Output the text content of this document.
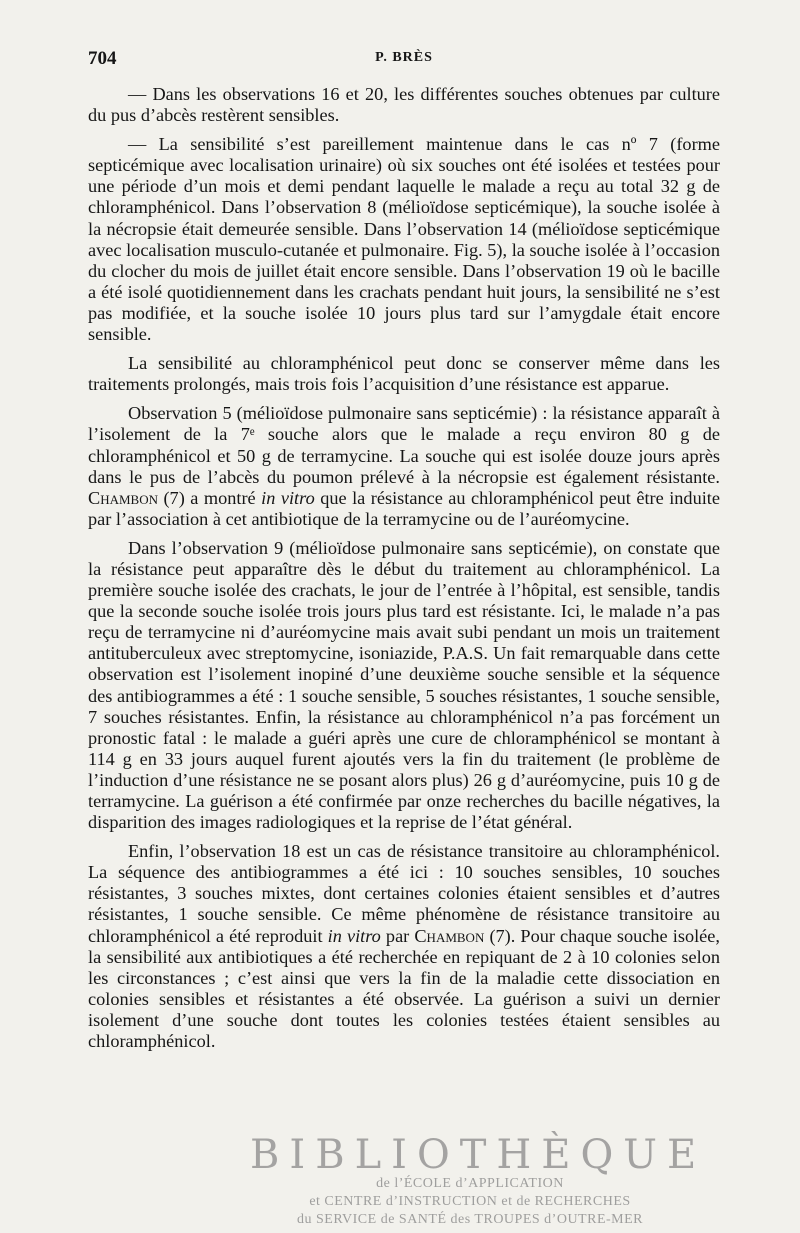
704	P. BRÈS

— Dans les observations 16 et 20, les différentes souches obtenues par culture du pus d’abcès restèrent sensibles.

— La sensibilité s’est pareillement maintenue dans le cas nº 7 (forme septicémique avec localisation urinaire) où six souches ont été isolées et testées pour une période d’un mois et demi pendant laquelle le malade a reçu au total 32 g de chloramphénicol. Dans l’observation 8 (mélioïdose septicémique), la souche isolée à la nécropsie était demeurée sensible. Dans l’observation 14 (mélioïdose septicémique avec localisation musculo-cutanée et pulmonaire. Fig. 5), la souche isolée à l’occasion du clocher du mois de juillet était encore sensible. Dans l’observation 19 où le bacille a été isolé quotidiennement dans les crachats pendant huit jours, la sensibilité ne s’est pas modifiée, et la souche isolée 10 jours plus tard sur l’amygdale était encore sensible.

La sensibilité au chloramphénicol peut donc se conserver même dans les traitements prolongés, mais trois fois l’acquisition d’une résistance est apparue.

Observation 5 (mélioïdose pulmonaire sans septicémie) : la résistance apparaît à l’isolement de la 7ᵉ souche alors que le malade a reçu environ 80 g de chloramphénicol et 50 g de terramycine. La souche qui est isolée douze jours après dans le pus de l’abcès du poumon prélevé à la nécropsie est également résistante. Chambon (7) a montré in vitro que la résistance au chloramphénicol peut être induite par l’association à cet antibiotique de la terramycine ou de l’auréomycine.

Dans l’observation 9 (mélioïdose pulmonaire sans septicémie), on constate que la résistance peut apparaître dès le début du traitement au chloramphénicol. La première souche isolée des crachats, le jour de l’entrée à l’hôpital, est sensible, tandis que la seconde souche isolée trois jours plus tard est résistante. Ici, le malade n’a pas reçu de terramycine ni d’auréomycine mais avait subi pendant un mois un traitement antituberculeux avec streptomycine, isoniazide, P.A.S. Un fait remarquable dans cette observation est l’isolement inopiné d’une deuxième souche sensible et la séquence des antibiogrammes a été : 1 souche sensible, 5 souches résistantes, 1 souche sensible, 7 souches résistantes. Enfin, la résistance au chloramphénicol n’a pas forcément un pronostic fatal : le malade a guéri après une cure de chloramphénicol se montant à 114 g en 33 jours auquel furent ajoutés vers la fin du traitement (le problème de l’induction d’une résistance ne se posant alors plus) 26 g d’auréomycine, puis 10 g de terramycine. La guérison a été confirmée par onze recherches du bacille négatives, la disparition des images radiologiques et la reprise de l’état général.

Enfin, l’observation 18 est un cas de résistance transitoire au chloramphénicol. La séquence des antibiogrammes a été ici : 10 souches sensibles, 10 souches résistantes, 3 souches mixtes, dont certaines colonies étaient sensibles et d’autres résistantes, 1 souche sensible. Ce même phénomène de résistance transitoire au chloramphénicol a été reproduit in vitro par Chambon (7). Pour chaque souche isolée, la sensibilité aux antibiotiques a été recherchée en repiquant de 2 à 10 colonies selon les circonstances ; c’est ainsi que vers la fin de la maladie cette dissociation en colonies sensibles et résistantes a été observée. La guérison a suivi un dernier isolement d’une souche dont toutes les colonies testées étaient sensibles au chloramphénicol.

BIBLIOTHÈQUE
de l’ÉCOLE d’APPLICATION
et CENTRE d’INSTRUCTION et de RECHERCHES
du SERVICE de SANTÉ des TROUPES d’OUTRE-MER
